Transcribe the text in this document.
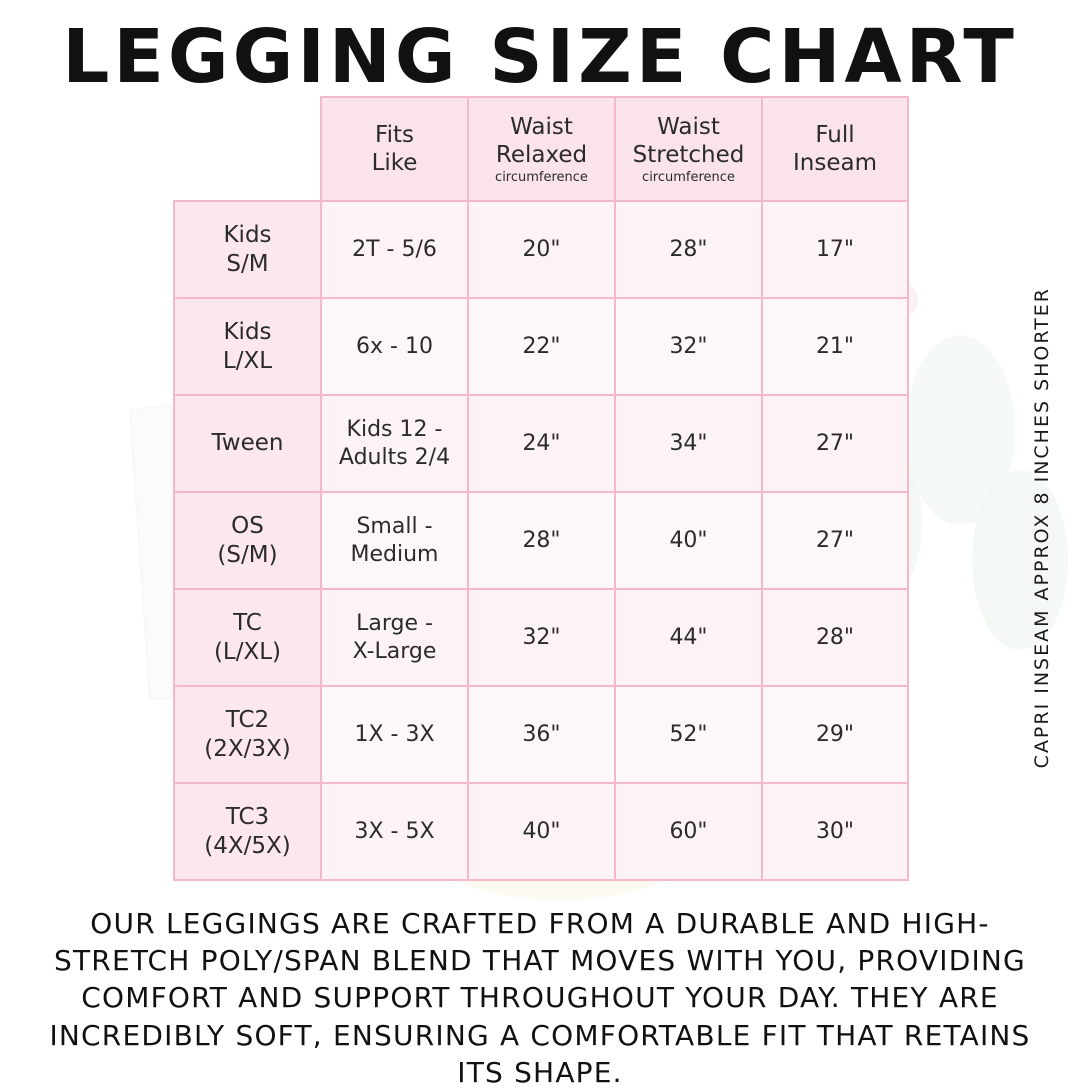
LEGGING SIZE CHART
	Fits
Like	Waist
Relaxed
circumference	Waist
Stretched
circumference	Full
Inseam
Kids
S/M	2T - 5/6	20"	28"	17"
Kids
L/XL	6x - 10	22"	32"	21"
Tween	Kids 12 -
Adults 2/4	24"	34"	27"
OS
(S/M)	Small -
Medium	28"	40"	27"
TC
(L/XL)	Large -
X-Large	32"	44"	28"
TC2
(2X/3X)	1X - 3X	36"	52"	29"
TC3
(4X/5X)	3X - 5X	40"	60"	30"
CAPRI INSEAM APPROX 8 INCHES SHORTER
OUR LEGGINGS ARE CRAFTED FROM A DURABLE AND HIGH-STRETCH POLY/SPAN BLEND THAT MOVES WITH YOU, PROVIDING COMFORT AND SUPPORT THROUGHOUT YOUR DAY. THEY ARE INCREDIBLY SOFT, ENSURING A COMFORTABLE FIT THAT RETAINS ITS SHAPE.
